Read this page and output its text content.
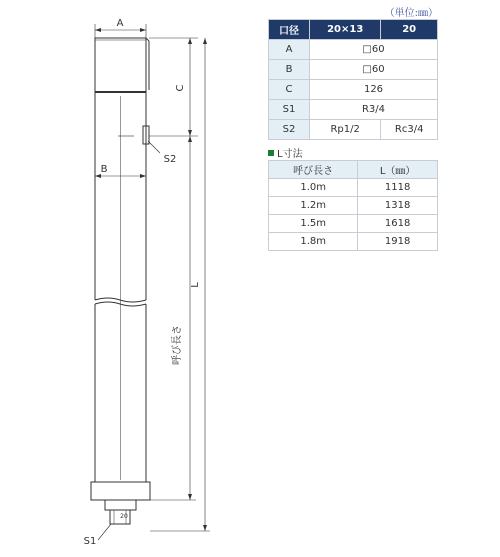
A
B
C
L
呼び長さ
S2
S1
20
（単位:㎜）
口径	20×13	20
A	□60	
B	□60	
C	126	
S1	R3/4	
S2	Rp1/2	Rc3/4
L寸法
呼び長さ	L（㎜）
1.0m	1118
1.2m	1318
1.5m	1618
1.8m	1918
